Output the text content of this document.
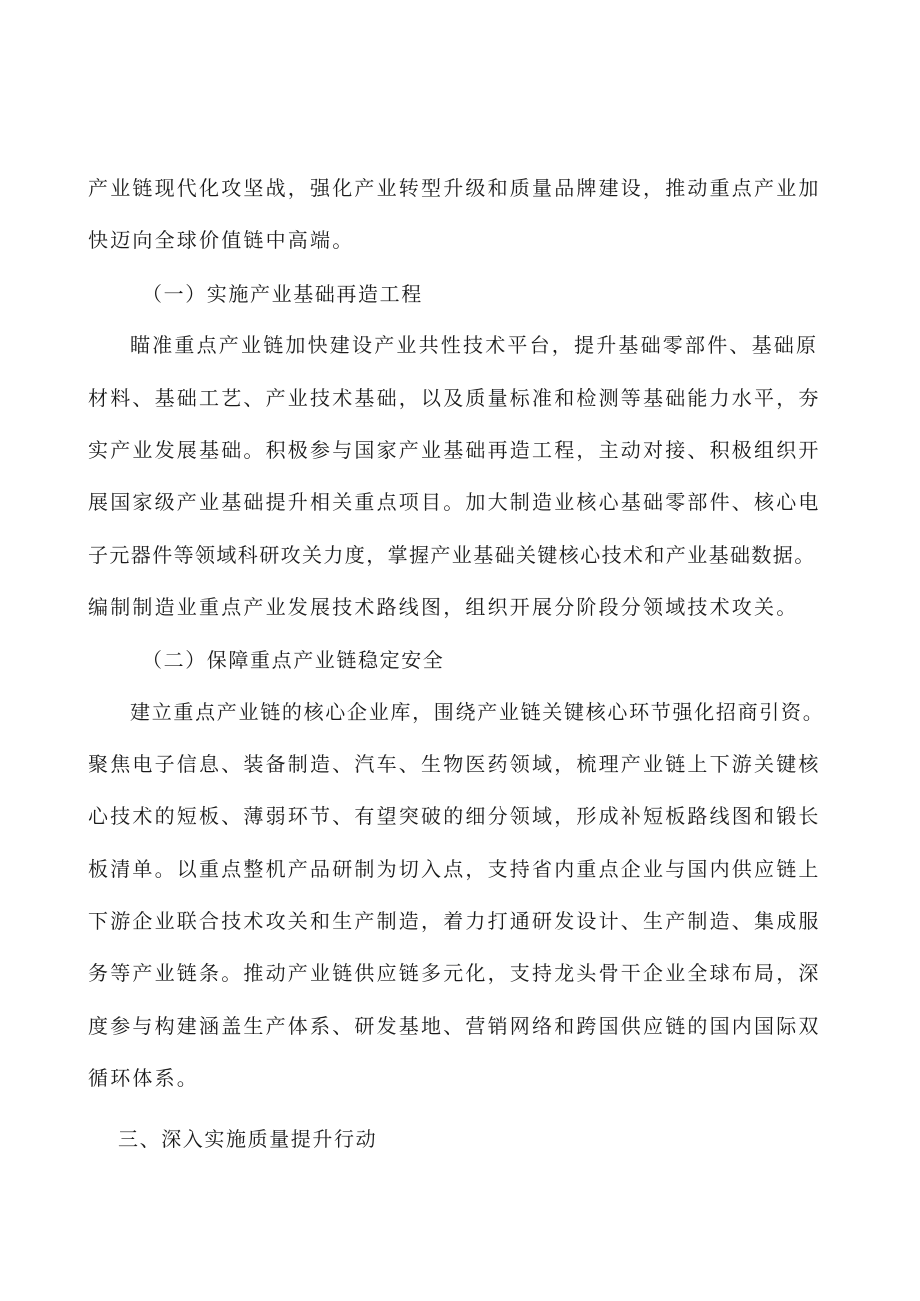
产业链现代化攻坚战，强化产业转型升级和质量品牌建设，推动重点产业加
快迈向全球价值链中高端。
（一）实施产业基础再造工程
瞄准重点产业链加快建设产业共性技术平台，提升基础零部件、基础原
材料、基础工艺、产业技术基础，以及质量标准和检测等基础能力水平，夯
实产业发展基础。积极参与国家产业基础再造工程，主动对接、积极组织开
展国家级产业基础提升相关重点项目。加大制造业核心基础零部件、核心电
子元器件等领域科研攻关力度，掌握产业基础关键核心技术和产业基础数据。
编制制造业重点产业发展技术路线图，组织开展分阶段分领域技术攻关。
（二）保障重点产业链稳定安全
建立重点产业链的核心企业库，围绕产业链关键核心环节强化招商引资。
聚焦电子信息、装备制造、汽车、生物医药领域，梳理产业链上下游关键核
心技术的短板、薄弱环节、有望突破的细分领域，形成补短板路线图和锻长
板清单。以重点整机产品研制为切入点，支持省内重点企业与国内供应链上
下游企业联合技术攻关和生产制造，着力打通研发设计、生产制造、集成服
务等产业链条。推动产业链供应链多元化，支持龙头骨干企业全球布局，深
度参与构建涵盖生产体系、研发基地、营销网络和跨国供应链的国内国际双
循环体系。
三、深入实施质量提升行动
